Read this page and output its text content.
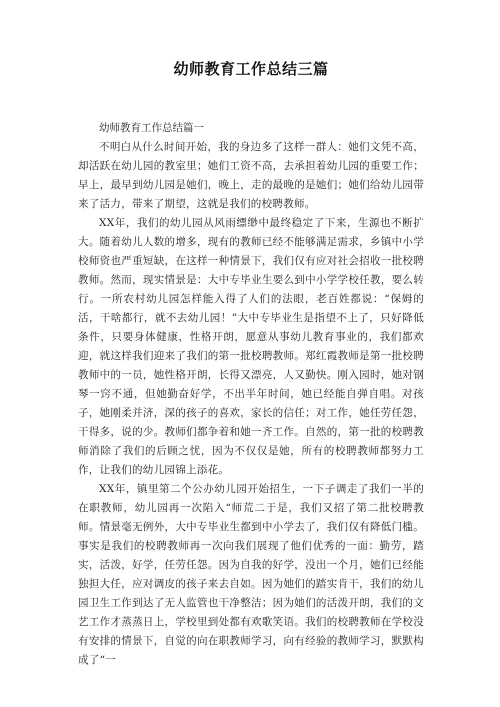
幼师教育工作总结三篇

幼师教育工作总结篇一

不明白从什么时间开始，我的身边多了这样一群人：她们文凭不高，却活跃在幼儿园的教室里；她们工资不高，去承担着幼儿园的重要工作；早上，最早到幼儿园是她们，晚上，走的最晚的是她们；她们给幼儿园带来了活力，带来了期望，这就是我们的校聘教师。

XX年，我们的幼儿园从风雨缥缈中最终稳定了下来，生源也不断扩大。随着幼儿人数的增多，现有的教师已经不能够满足需求，乡镇中小学校师资也严重短缺，在这样一种情景下，我们仅有应对社会招收一批校聘教师。然而，现实情景是：大中专毕业生要么到中小学学校任教，要么转行。一所农村幼儿园怎样能入得了人们的法眼，老百姓都说：“保姆的活，干啥都行，就不去幼儿园！”大中专毕业生是指望不上了，只好降低条件，只要身体健康，性格开朗，愿意从事幼儿教育事业的，我们都欢迎，就这样我们迎来了我们的第一批校聘教师。郑红霞教师是第一批校聘教师中的一员，她性格开朗，长得又漂亮，人又勤快。刚入园时，她对钢琴一窍不通，但她勤奋好学，不出半年时间，她已经能自弹自唱。对孩子，她刚柔并济，深的孩子的喜欢，家长的信任；对工作，她任劳任怨，干得多，说的少。教师们都争着和她一齐工作。自然的，第一批的校聘教师消除了我们的后顾之忧，因为不仅仅是她，所有的校聘教师都努力工作，让我们的幼儿园锦上添花。

XX年，镇里第二个公办幼儿园开始招生，一下子调走了我们一半的在职教师，幼儿园再一次陷入“师荒二于是，我们又招了第二批校聘教师。情景毫无例外，大中专毕业生都到中小学去了，我们仅有降低门槛。事实是我们的校聘教师再一次向我们展现了他们优秀的一面：勤劳，踏实，活泼，好学，任劳任怨。因为自我的好学，没出一个月，她们已经能独担大任，应对调皮的孩子来去自如。因为她们的踏实肯干，我们的幼儿园卫生工作到达了无人监管也干净整洁；因为她们的活泼开朗，我们的文艺工作才蒸蒸日上，学校里到处都有欢歌笑语。我们的校聘教师在学校没有安排的情景下，自觉的向在职教师学习，向有经验的教师学习，默默构成了“一
